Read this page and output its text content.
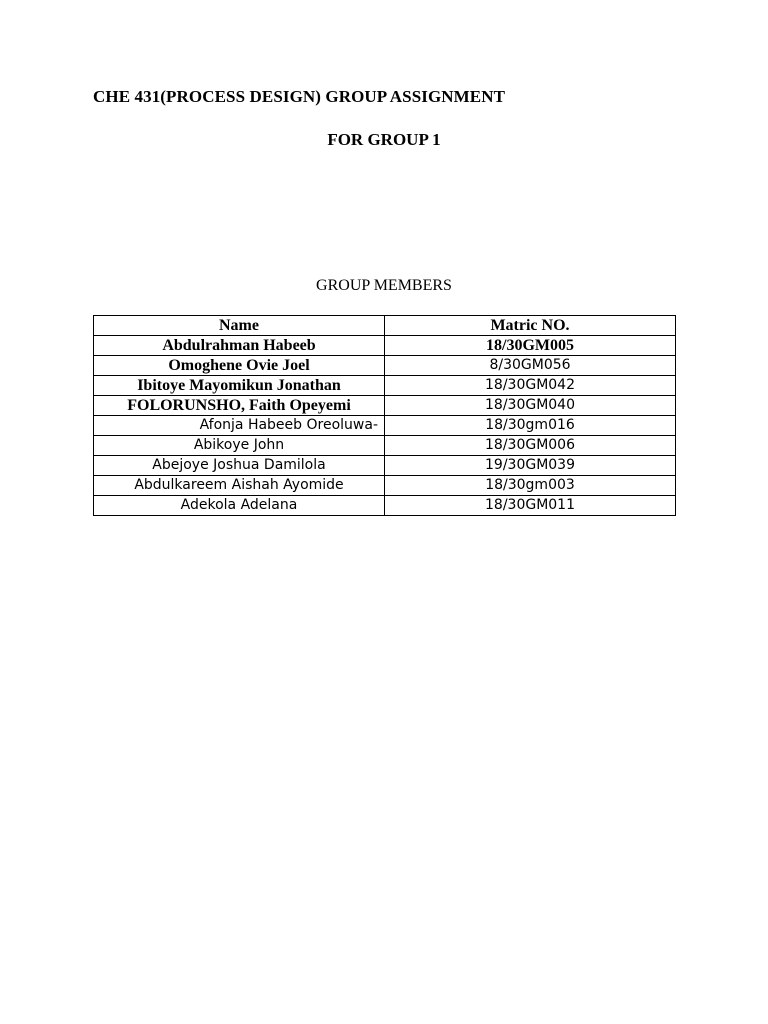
CHE 431(PROCESS DESIGN) GROUP ASSIGNMENT
FOR GROUP 1
GROUP MEMBERS
Name	Matric NO.
Abdulrahman Habeeb	18/30GM005
Omoghene Ovie Joel	8/30GM056
Ibitoye Mayomikun Jonathan	18/30GM042
FOLORUNSHO, Faith Opeyemi	18/30GM040
Afonja Habeeb Oreoluwa-	18/30gm016
Abikoye John	18/30GM006
Abejoye Joshua Damilola	19/30GM039
Abdulkareem Aishah Ayomide	18/30gm003
Adekola Adelana	18/30GM011
